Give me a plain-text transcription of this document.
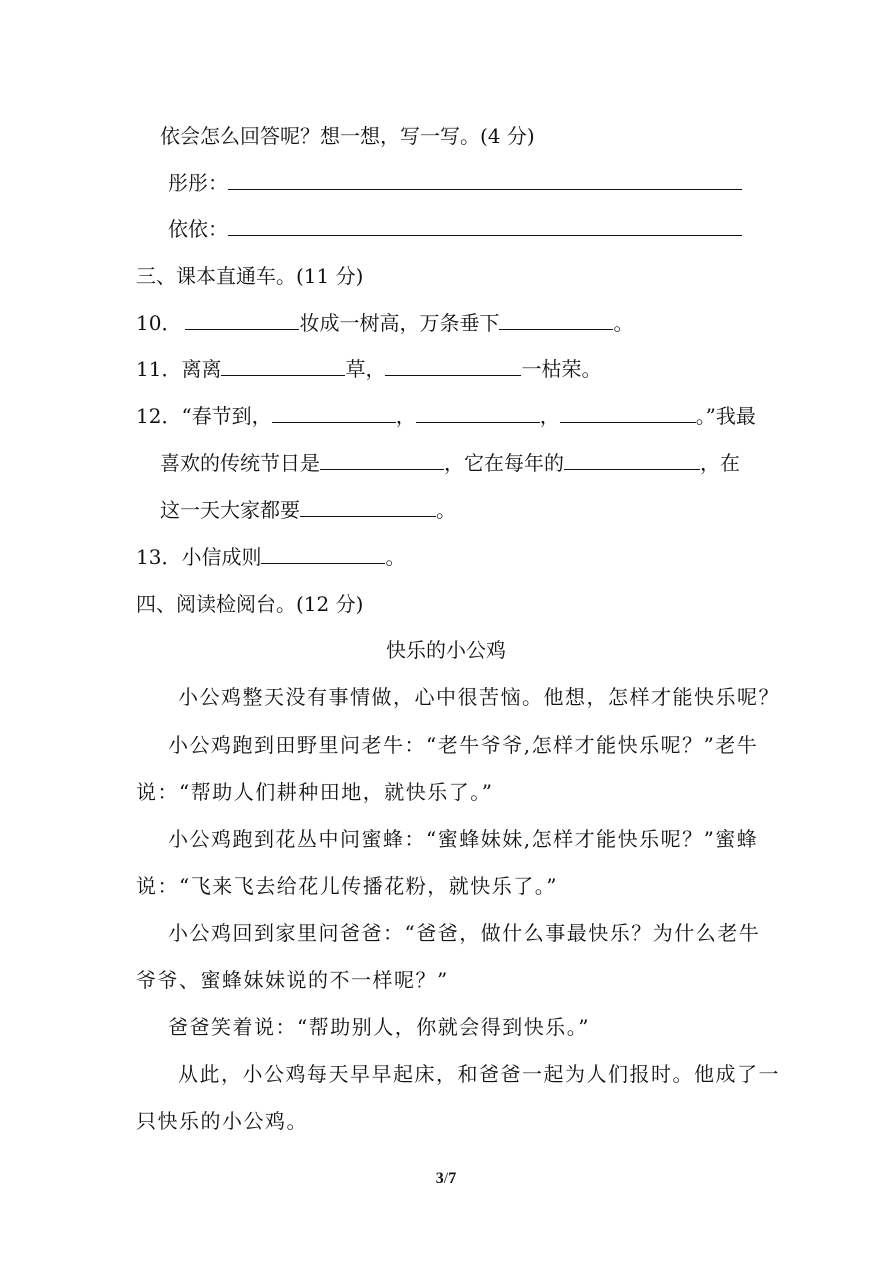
依会怎么回答呢？想一想，写一写。(4 分)
彤彤：
依依：
三、课本直通车。(11 分)
10．	妆成一树高，万条垂下	。
11．离离	草，	一枯荣。
12．“春节到，	，	，	。”我最
喜欢的传统节日是	，它在每年的	，在
这一天大家都要	。
13．小信成则	。
四、阅读检阅台。(12 分)
快乐的小公鸡
小公鸡整天没有事情做，心中很苦恼。他想，怎样才能快乐呢？
小公鸡跑到田野里问老牛：“老牛爷爷,怎样才能快乐呢？”老牛
说：“帮助人们耕种田地，就快乐了。”
小公鸡跑到花丛中问蜜蜂：“蜜蜂妹妹,怎样才能快乐呢？”蜜蜂
说：“飞来飞去给花儿传播花粉，就快乐了。”
小公鸡回到家里问爸爸：“爸爸，做什么事最快乐？为什么老牛
爷爷、蜜蜂妹妹说的不一样呢？”
爸爸笑着说：“帮助别人，你就会得到快乐。”
从此，小公鸡每天早早起床，和爸爸一起为人们报时。他成了一
只快乐的小公鸡。
3/7
